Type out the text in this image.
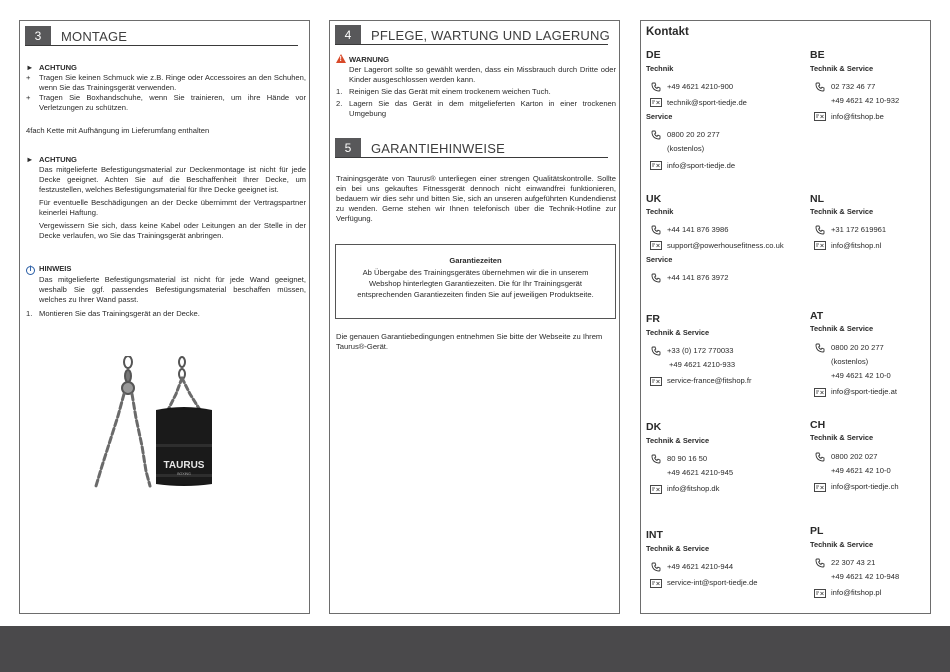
3	MONTAGE
► ACHTUNG
+	Tragen Sie keinen Schmuck wie z.B. Ringe oder Accessoires an den Schuhen, wenn Sie das Trainingsgerät verwenden.
+	Tragen Sie Boxhandschuhe, wenn Sie trainieren, um ihre Hände vor Verletzungen zu schützen.
4fach Kette mit Aufhängung im Lieferumfang enthalten
► ACHTUNG
Das mitgelieferte Befestigungsmaterial zur Deckenmontage ist nicht für jede Decke geeignet. Achten Sie auf die Beschaffenheit Ihrer Decke, um festzustellen, welches Befestigungsmaterial für Ihre Decke geeignet ist.
Für eventuelle Beschädigungen an der Decke übernimmt der Vertragspartner keinerlei Haftung.
Vergewissern Sie sich, dass keine Kabel oder Leitungen an der Stelle in der Decke verlaufen, wo Sie das Trainingsgerät anbringen.
i HINWEIS
Das mitgelieferte Befestigungsmaterial ist nicht für jede Wand geeignet, weshalb Sie ggf. passendes Befestigungsmaterial beschaffen müssen, welches zu Ihrer Wand passt.
1. Montieren Sie das Trainingsgerät an der Decke.
TAURUS
BOXING
4	PFLEGE, WARTUNG UND LAGERUNG
!
WARNUNG
Der Lagerort sollte so gewählt werden, dass ein Missbrauch durch Dritte oder Kinder ausgeschlossen werden kann.
1. Reinigen Sie das Gerät mit einem trockenem weichen Tuch.
2. Lagern Sie das Gerät in dem mitgelieferten Karton in einer trockenen Umgebung
5	GARANTIEHINWEISE
Trainingsgeräte von Taurus® unterliegen einer strengen Qualitätskontrolle. Sollte ein bei uns gekauftes Fitnessgerät dennoch nicht einwandfrei funktionieren, bedauern wir dies sehr und bitten Sie, sich an unseren aufgeführten Kundendienst zu wenden. Gerne stehen wir Ihnen telefonisch über die Technik-Hotline zur Verfügung.
Garantiezeiten
Ab Übergabe des Trainingsgerätes übernehmen wir die in unserem Webshop hinterlegten Garantiezeiten. Die für Ihr Trainingsgerät entsprechenden Garantiezeiten finden Sie auf jeweiligen Produktseite.
Die genauen Garantiebedingungen entnehmen Sie bitte der Webseite zu Ihrem Taurus®-Gerät.
Kontakt
DE
Technik
+49 4621 4210-900
technik@sport-tiedje.de
Service
0800 20 20 277
(kostenlos)
info@sport-tiedje.de
BE
Technik & Service
02 732 46 77
+49 4621 42 10-932
info@fitshop.be
UK
Technik
+44 141 876 3986
support@powerhousefitness.co.uk
Service
+44 141 876 3972
NL
Technik & Service
+31 172 619961
info@fitshop.nl
FR
Technik & Service
+33 (0) 172 770033
+49 4621 4210-933
service-france@fitshop.fr
AT
Technik & Service
0800 20 20 277
(kostenlos)
+49 4621 42 10-0
info@sport-tiedje.at
DK
Technik & Service
80 90 16 50
+49 4621 4210-945
info@fitshop.dk
CH
Technik & Service
0800 202 027
+49 4621 42 10-0
info@sport-tiedje.ch
INT
Technik & Service
+49 4621 4210-944
service-int@sport-tiedje.de
PL
Technik & Service
22 307 43 21
+49 4621 42 10-948
info@fitshop.pl
